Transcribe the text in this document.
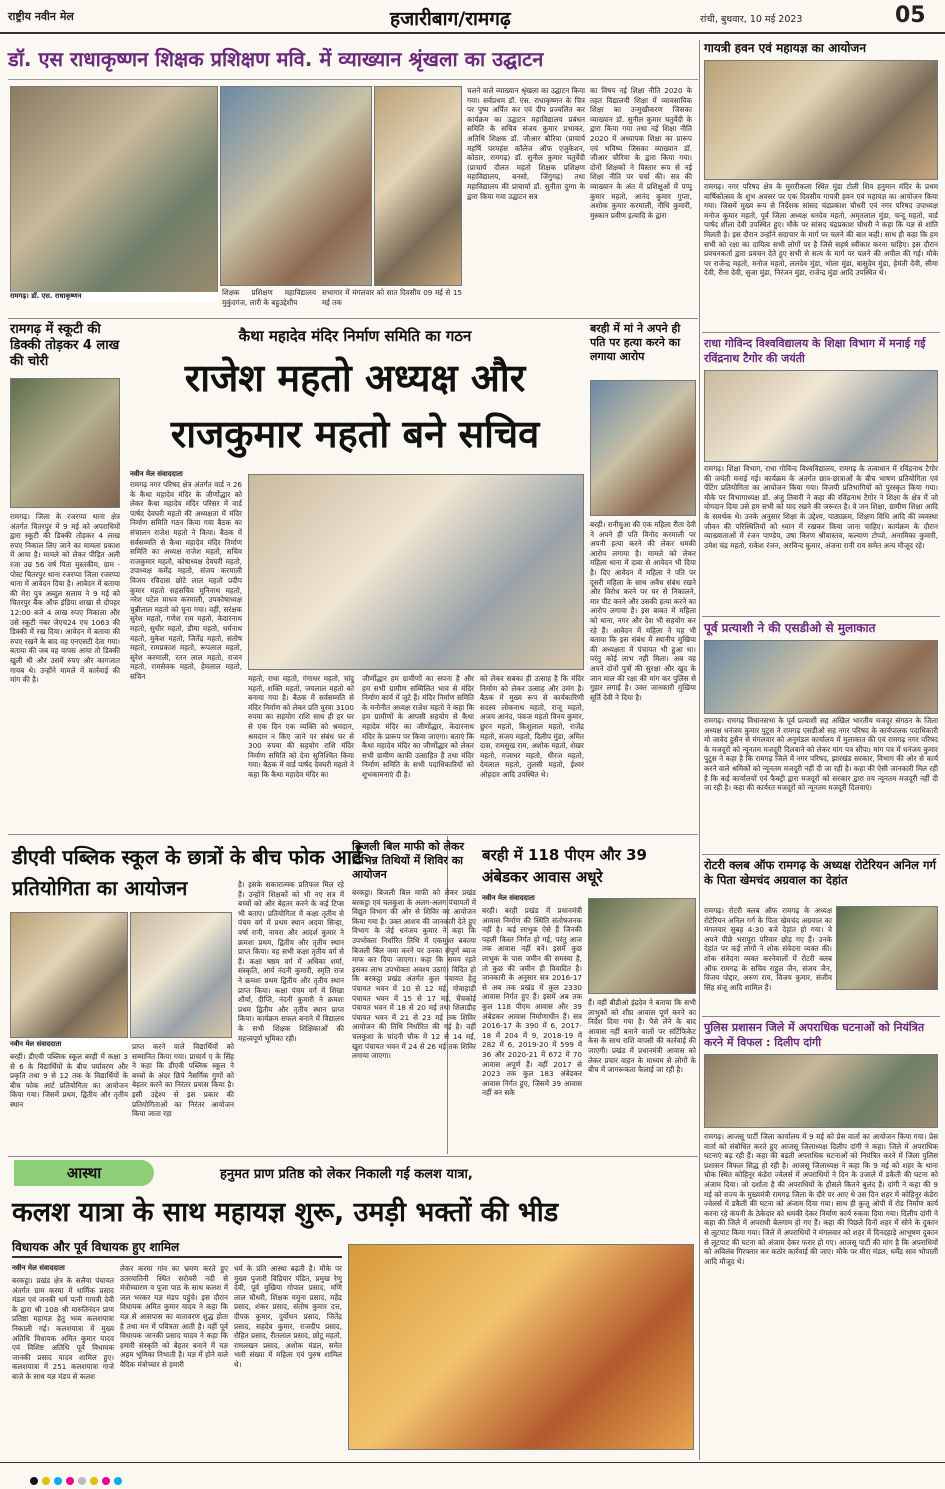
राष्ट्रीय नवीन मेल	हजारीबाग/रामगढ़	रांची, बुधवार, 10 मई 2023	05
डॉ. एस राधाकृष्णन शिक्षक प्रशिक्षण मवि. में व्याख्यान श्रृंखला का उद्घाटन
रामगढ़। डॉ. एस. राधाकृष्णन	शिक्षक प्रशिक्षण महाविद्यालय मुकुंदगंज, लारी के बहुउद्देशीय
सभागार में मंगलवार को सात दिवसीय 09 मई से 15 मई तक
चलने वाले व्याख्यान श्रृंखला का उद्घाटन किया गया। सर्वप्रथम डॉ. एस. राधाकृष्णन के चित्र पर पुष्प अर्पित कर एवं दीप प्रज्वलित कर कार्यक्रम का उद्घाटन महाविद्यालय प्रबंधन समिति के सचिव संजय कुमार प्रभाकर, अतिथि शिक्षक डॉ. जीआर बौरिया (प्राचार्य महर्षि परमहंस कॉलेज ऑफ एजुकेशन, कोठार, रामगढ़) डॉ. सुनील कुमार चतुर्वेदी (प्राचार्य दौलत महतो शिक्षक प्रशिक्षण महाविद्यालय, बनसो, जिंगुगढ़) तथा महाविद्यालय की प्राचार्या डॉ. सुनीता दुग्गा के द्वारा किया गया उद्घाटन सत्र
का विषय नई शिक्षा नीति 2020 के तहत विद्यालयी शिक्षा में व्यावसायिक शिक्षा का उन्मुखीकरण जिसका व्याख्यान डॉ. सुनील कुमार चतुर्वेदी के द्वारा किया गया तथा नई शिक्षा नीति 2020 में अध्यापक शिक्षा का प्रारूप एवं भविष्य जिसका व्याख्यान डॉ. जीआर चौरिया के द्वारा किया गया। दोनों शिक्षकों ने विस्तार रूप से नई शिक्षा नीति पर चर्चा की। सत्र की व्याख्यान के अंत में प्रशिक्षुओं में पप्पु कुमार महतो, आनंद कुमार गुप्ता, अशोक कुमार करमाली, नीधि कुमारी, मुस्कान प्रवीण इत्यादि के द्वारा
रामगढ़ में स्कूटी की डिक्की तोड़कर 4 लाख की चोरी
रामगढ़। जिला के रजरप्पा थाना क्षेत्र अंतर्गत चितरपुर में 9 मई को अपराधियों द्वारा स्कूटी की डिक्की तोड़कर 4 लाख रुपए निकाल लिए जाने का मामला प्रकाश में आया है। मामले को लेकर पीड़ित अली रजा उम्र 56 वर्ष पिता मुस्तकीम, ग्राम - पोस्ट चितरपुर थाना रजरप्पा जिला रजरप्पा थाना में आवेदन दिया है। आवेदन में बताया की मेरा पुत्र अब्दुल सलाम ने 9 मई को चितरपुर बैंक ऑफ इंडिया शाखा से दोपहर 12:00 बजे 4 लाख रुपए निकाला और उसे स्कूटी नंबर जेएच24 एच 1063 की डिक्की में रख दिया। आवेदन में बताया की रुपए रखने के बाद वह एनएसटी देता गया। बताया की जब वह वापस आया तो डिक्की खुली थी और उसमें रुपए और कागजात गायब थे। उन्होंने मामले में कार्रवाई की मांग की है।
कैथा महादेव मंदिर निर्माण समिति का गठन
राजेश महतो अध्यक्ष और राजकुमार महतो बने सचिव
नवीन मेल संवाददाता
रामगढ़ नगर परिषद क्षेत्र अंतर्गत वार्ड न 26 के कैथा महादेव मंदिर के जीर्णोद्धार को लेकर कैथा महादेव मंदिर परिसर में वार्ड पार्षद देवघरी महतो की अध्यक्षता में मंदिर निर्माण समिति गठन किया गया बैठक का संचालन राजेश महतो ने किया। बैठक में सर्वसम्मति से कैथा महादेव मंदिर निर्माण समिति का अध्यक्ष राजेश महतो, सचिव राजकुमार महतो, कोषाध्यक्ष देवघरी महतो, उपाध्यक्ष कमेंद्र महतो, संजय करमाली विजय रविदास छोटे लाल महतो प्रदीप कुमार महतो सहसचिव मुनिनाथ महतो, नरेश पटेल माधव करमाली, उपकोषाध्यक्ष चुन्नीलाल महतो को चुना गया। वहीं, सरंक्षक सुरेश महतो, गणेश राम महतो, केदारनाथ महतो, सुधीर महतो, डीमा महतो, धर्मनाथ महतो, मुकेश महतो, जितेंद्र महतो, संतोष महतो, रामप्रकाश महतो, रूपलाल महतो, सुरेश करमाली, रतन लाल महतो, राजन महतो, रामसेवक महतो, हेमलाल महतो, सचिन	महतो, राधा महतो, गंगाधर महतो, चांदु महतो, शक्ति महतो, जयलाल महतो को बनाया गया है। बैठक में सर्वसम्मति से मंदिर निर्माण को लेकर प्रति घुरवा 3100 रुपया का सहयोग राशि साथ ही हर घर से एक दिन एक व्यक्ति को श्रमदान, श्रमदान न किए जाने पर संबंध घर से 300 रुपया की सहयोग राशि मंदिर निर्माण समिति को देना सुनिश्चित किया गया। बैठक में वार्ड पार्षद देवघरी महतो ने कहा कि कैथा महादेव मंदिर का
जीर्णोद्धार हम ग्रामीणों का सपना है और हम सभी ग्रामीण सम्मिलित भाव से मंदिर निर्माण कार्य में जुटे हैं। मंदिर निर्माण समिति के मनोनीत अध्यक्ष राजेश महतो ने कहा कि हम ग्रामीणों के आपसी सहयोग से कैथा महादेव मंदिर का जीर्णोद्धार, केदारनाथ मंदिर के प्रारूप पर किया जाएगा। बताएं कि कैथा महादेव मंदिर का जीर्णोद्धार को लेकर सभी ग्रामीण काफी उत्साहित हैं तथा मंदिर निर्माण समिति के सभी पदाधिकारियों को शुभकामनाएं दी है।
को लेकर सबका ही उत्साह है कि मंदिर निर्माण को लेकर उत्साह और उमंग है। बैठक में मुख्य रूप से कार्यकारिणी सदस्य लोकनाथ महतो, राजू महतो, अजय आनंद, पंकज महतो विनय कुमार, छुरन महतो, किशुलाल महतो, राजेंद्र महतो, संजय महतो, दिलीप मुंडा, अमित दास, रामसुख राम, अशोक महतो, शेखर महतो, गजाधर महतो, धीरज महतो, देवलाल महतो, तुलसी महतो, ईश्वर ओहदार आदि उपस्थित थे।
बरही में मां ने अपने ही पति पर हत्या करने का लगाया आरोप
बरही। रानीचुआ की एक महिला रीता देवी ने अपने ही पति विनोद करमाली पर अपनी हत्या करने की लेकर धमकी आरोप लगाया है। मामले को लेकर महिला थाना में दावा से आवेदन भी दिया है। दिए आवेदन में महिला ने पति पर दूसरी महिला के साथ अवैध संबंध रखने और विरोध करने पर घर से निकालने, मार पीट करने और उसकी हत्या करने का आरोप लगाया है। इस बाबत में महिला को थाना, नगर और देश भी सहयोग कर रहे हैं। आवेदन में महिला ने यह भी बताया कि इस संबंध में स्थानीय मुखिया की अध्यक्षता में पंचायत भी हुआ था। परंतु कोई लाभ नहीं मिला। अब वह अपने दोनों पुत्रों की सुरक्षा और खुद के जान माल की रक्षा की मांग कर पुलिस से गुहार लगाई है। उक्त जानकारी मुखिया सूर्ति देवी ने दिया है।
डीएवी पब्लिक स्कूल के छात्रों के बीच फोक आर्ट प्रतियोगिता का आयोजन
नवीन मेल संवाददाता
बरही। डीएवी पब्लिक स्कूल बरही में कक्षा 3 से 6 के विद्यार्थियों के बीच पर्यावरण और प्रकृति तथा 9 से 12 तक के विद्यार्थियों के बीच फोक आर्ट प्रतियोगिता का आयोजन किया गया। जिसमें प्रथम, द्वितीय और तृतीय स्थान
प्राप्त करने वाले विद्यार्थियों को सम्मानित किया गया। प्राचार्य ए के सिंह ने कहा कि डीएवी पब्लिक स्कूल ने बच्चों के अंदर छिपे नैसर्गिक गुणों को बेहतर करने का निरंतर प्रयास किया है। इसी उद्देश्य से इस प्रकार की प्रतियोगिताओं का निरंतर आयोजन किया जाता रहा
है। इसके सकारात्मक प्रतिफल मिल रहे हैं। उन्होंने शिक्षकों को भी नए सत्र में बच्चों को और बेहतर करने के कई टिप्स भी बताए। प्रतियोगिता में कक्षा तृतीय से पंचम वर्ग में प्रथम स्थान अदया सिन्हा, वर्षा रानी, नायरा और आदर्श कुमार ने क्रमशः प्रथम, द्वितीय और तृतीय स्थान प्राप्त किया। वह सभी कक्षा तृतीय वर्ग से हैं। कक्षा षष्ठम वर्ग में अधिका शर्मा, संस्कृति, आर्य नंदनी कुमारी, स्मृति राज ने क्रमशः प्रथम द्वितीय और तृतीय स्थान प्राप्त किया। कक्षा पंचम वर्ग में शिखा शौर्या, दीप्ति, नंदनी कुमारी ने क्रमशः प्रथम द्वितीय और तृतीय स्थान प्राप्त किया। कार्यक्रम सफल बनाने में विद्यालय के सभी शिक्षक शिक्षिकाओं की महत्त्वपूर्ण भूमिका रही।
बिजली बिल माफी को लेकर विभिन्न तिथियों में शिविर का आयोजन
बरकट्ठा। बिजली बिल माफी को लेकर प्रखंड बरकट्ठा एवं चलकुशा के अलग-अलग पंचायतों में विद्युत विभाग की ओर से शिविर का आयोजन किया गया है। उक्त आशय की जानकारी देते हुए विभाग के जेई धनंजय कुमार ने कहा कि उपभोक्ता निर्धारित तिथि में एकमुश्त बकाया बिजली बिल जमा करने पर उनका संपूर्ण ब्याज माफ कर दिया जाएगा। कहा कि समय रहते इसका लाभ उपभोक्ता अवश्य उठाएं। विदित हो कि बरकट्ठा प्रखंड अंतर्गत कुल पंचायत हेतु पंचायत भवन में 10 से 12 मई, गोवाहाड़ी पंचायत भवन में 15 से 17 मई, चेंचकोई पंचायत भवन में 18 से 20 मई तथा शिलाडीह पंचायत भवन में 21 से 23 मई तक शिविर आयोजन की तिथि निर्धारित की गई है। वहीं चलकुशा के चांदनी चौक में 12 से 14 मई, खुरा पंचायत भवन में 24 से 26 मई तक शिविर लगाया जाएगा।
बरही में 118 पीएम और 39 अंबेडकर आवास अधूरे
नवीन मेल संवाददाता
बरही। बरही प्रखंड में प्रधानमंत्री आवास निर्माण की स्थिति संतोषजनक नहीं है। कई लाभुक ऐसे हैं जिनकी पहली किस्त निर्गत हो गई, परंतु आज तक आवास नहीं बने। इसमें कुछ लाभुक के पास जमीन की समस्या है, तो कुछ की जमीन ही विवादित है। जानकारी के अनुसार सत्र 2016-17 से अब तक प्रखंड में कुल 2330 आवास निर्गत हुए हैं। इसमें अब तक कुल 118 पीएम आवास और 39 अंबेडकर आवास निर्माणाधीन हैं। सत्र 2016-17 के 390 में 6, 2017-18 में 204 में 9, 2018-19 में 282 में 6, 2019-20 में 599 में 36 और 2020-21 में 672 में 70 आवास अपूर्ण हैं। वहीं 2017 से 2023 तक कुल 183 अंबेडकर आवास निर्गत हुए, जिसमें 39 आवास नहीं बन सके
हैं। वहीं बीडीओ इंद्रदेव ने बताया कि सभी लाभुकों को शीघ्र आवास पूर्ण करने का निर्देश दिया गया है। पैसे लेने के बाद आवास नहीं बनाने वालों पर सर्टिफिकेट केस के साथ राशि वापसी की कार्रवाई की जाएगी। प्रखंड में प्रधानमंत्री आवास को लेकर प्रचार वाहन के माध्यम से लोगों के बीच में जागरूकता फैलाई जा रही है।
आस्था	हनुमत प्राण प्रतिष्ठ को लेकर निकाली गई कलश यात्रा,
कलश यात्रा के साथ महायज्ञ शुरू, उमड़ी भक्तों की भीड
विधायक और पूर्व विधायक हुए शामिल
नवीन मेल संवाददाता
बरकट्ठा। प्रखंड क्षेत्र के सलैया पंचायत अंतर्गत ग्राम करमा में धार्मिक प्रसाद मंडल एवं जनकी धर्म पत्नी गायत्री देवी के द्वारा श्री 108 श्री मारुतिनंदन प्राण प्रतिष्ठा महायज्ञ हेतु भव्य कलशयात्रा निकाली गई। कलशयात्रा में मुख्य अतिथि विधायक अमित कुमार यादव एवं विशिष्ट अतिथि पूर्व विधायक जानकी प्रसाद यादव शामिल हुए। कलशयात्रा में 251 कलशयात्रा गाजे बाजे के साथ यज्ञ मंडप से कलश
लेकर करमा गांव का भ्रमण करते हुए उतरवातिनी स्थित सरोवरी नदी से मंत्रोच्चारण व पूजा पाठ के साथ कलश में जल भरकर यज्ञ मंडप पहुंचे। इस दौरान विधायक अमित कुमार यादव ने कहा कि यज्ञ से आसपास का वातावरण शुद्ध होता है तथा मन में पवित्रता आती है। वहीं पूर्व विधायक जानकी प्रसाद यादव ने कहा कि हमारी संस्कृति को बेहतर बनाने में यज्ञ अहम भूमिका निभाती है। यज्ञ में होने वाले वैदिक मंत्रोच्चार से हमारी
धर्म के प्रति आस्था बढ़ती है। मौके पर मुख्य पुजारी विद्रियार पंडित, प्रमुख रेणु देवी, पूर्व मुखिया गोपाल प्रसाद, मणि लाल चौधरी, शिक्षक यमुना प्रसाद, महेंद्र प्रसाद, शंकर प्रसाद, संतोष कुमार दत्त, दीपक कुमार, दुर्योधन प्रसाद, जितेंद्र प्रसाद, सहदेव कुमार, राजदीप प्रसाद, रोहित प्रसाद, रीतलाल प्रसाद, छोटू महतो, रामलखन प्रसाद, अशोक मंडल, समेत भारी संख्या में महिला एवं पुरुष शामिल थे।
गायत्री हवन एवं महायज्ञ का आयोजन
रामगढ़। नगर परिषद क्षेत्र के मुरारीकला स्थित मुंडा टोली शिव हनुमान मंदिर के प्रथम वार्षिकोत्सव के शुभ अवसर पर एक दिवसीय गायत्री हवन एवं महायज्ञ का आयोजन किया गया। जिसमें मुख्य रूप से निर्देशक सांसद चंद्रप्रकाश चौधरी एवं नगर परिषद उपाध्यक्ष मनोज कुमार महतो, पूर्व जिला अध्यक्ष धनदेव महतो, अमृतलाल मुंडा, चन्दू महतो, वार्ड पार्षद शीला देवी उपस्थित हुए। मौके पर सांसद चंद्रप्रकाश चौधरी ने कहा कि यज्ञ से शांति मिलती है। इस दौरान उन्होंने सदाचार के मार्ग पर चलने की बात कही। साथ ही कहा कि हम सभी को रक्षा का दायित्व सभी लोगों पर है जिसे सहर्ष स्वीकार करना चाहिए। इस दौरान प्रवचनकर्ता द्वारा प्रवचन देते हुए सभी से सत्य के मार्ग पर चलने की अपील की गई। मौके पर राजेन्द्र महतो, मनोज महतो, ललदेव मुंडा, भोला मुंडा, बासुदेव मुंडा, हेमंती देवी, सीमा देवी, रीना देवी, सुजा मुंडा, निरंजन मुंडा, राजेन्द्र मुंडा आदि उपस्थित थे।
राधा गोविन्द विश्वविद्यालय के शिक्षा विभाग में मनाई गई रविंद्रनाथ टैगोर की जयंती
रामगढ़। शिक्षा विभाग, राधा गोविन्द विश्वविद्यालय, रामगढ़ के तत्वाधान में रविंद्रनाथ टैगोर की जयंती मनाई गई। कार्यक्रम के अंतर्गत छात्र-छात्राओं के बीच भाषण प्रतियोगिता एवं पेंटिंग प्रतियोगिता का आयोजन किया गया। विजयी प्रतिभागियों को पुरस्कृत किया गया। मौके पर विभागाध्यक्ष डॉ. अंजु तिवारी ने कहा की रविंद्रनाथ टैगोर ने शिक्षा के क्षेत्र में जो योगदान दिया उसे हम सभी को याद रखने की जरूरत है। वे जन शिक्षा, ग्रामीण शिक्षा आदि के समर्थक थे। उनके अनुसार शिक्षा के उद्देश्य, पाठ्यक्रम, शिक्षण विधि आदि की व्यवस्था जीवन की परिस्थितियों को ध्यान में रखकर किया जाना चाहिए। कार्यक्रम के दौरान व्याख्याताओं में रंजन पाण्डेय, उषा किरण श्रीवास्तव, कल्याण टोप्पो, अनामिका कुमारी, उमेश चंद्र महतो, राकेश रंजन, अरविन्द कुमार, अंजना रानी राय समेत अन्य मौजूद रहे।
पूर्व प्रत्याशी ने की एसडीओ से मुलाकात
रामगढ़। रामगढ़ विधानसभा के पूर्व प्रत्याशी सह अखिल भारतीय मजदूर संगठन के जिला अध्यक्ष धनंजय कुमार पुटूस ने रामगढ़ एसडीओ सह नगर परिषद के कार्यपालक पदाधिकारी मो जावेद हुसैन से मंगलवार को अनुमंडल कार्यालय में मुलाकात की एवं रामगढ़ नगर परिषद के मजदूरों को न्यूनतम मजदूरी दिलवाने को लेकर मांग पत्र सौंपा। मांग पत्र में धनंजय कुमार पुटूस ने कहा है कि रामगढ़ जिले में नगर परिषद, झारखंड सरकार, विभाग की ओर से कार्य करने वाले श्रमिकों को न्यूनतम मजदूरी नहीं दी जा रही है। कहा की ऐसी जानकारी मिल रही है कि कई कार्यालयों एवं फैक्ट्री द्वारा मजदूरों को सरकार द्वारा तय न्यूनतम मजदूरी नहीं दी जा रही है। कहा की कार्यरत मजदूरों को न्यूनतम मजदूरी दिलवाएं।
रोटरी क्लब ऑफ रामगढ़ के अध्यक्ष रोटेरियन अनिल गर्ग के पिता खेमचंद अग्रवाल का देहांत
रामगढ़। रोटरी क्लब ऑफ रामगढ़ के अध्यक्ष रोटेरियन अनिल गर्ग के पिता खेमचंद अग्रवाल का मंगलवार सुबह 4:30 बजे देहांत हो गया। वे अपने पीछे भरापूरा परिवार छोड़ गए हैं। उनके देहांत पर कई लोगों ने शोक संवेदना व्यक्त की। शोक संवेदना व्यक्त करनेवालों में रोटरी क्लब ऑफ रामगढ़ के सचिव राहुल जैन, संजय जैन, विजय पोद्दार, अरुण राय, विजय कुमार, संजीव सिंह संजू आदि शामिल हैं।
पुलिस प्रशासन जिले में अपराधिक घटनाओं को नियंत्रित करने में विफल : दिलीप दांगी
रामगढ़। आजसू पार्टी जिला कार्यालय में 9 मई को प्रेस वार्ता का आयोजन किया गया। प्रेस वार्ता को संबोधित करते हुए आजसू जिलाध्यक्ष दिलीप दांगी ने कहा। जिले में अपराधिक घटनाएं बढ़ रही हैं। कहा की बढ़ती अपराधिक घटनाओं को नियंत्रित करने में जिला पुलिस प्रशासन विफल सिद्ध हो रही है। आजसू जिलाध्यक्ष ने कहा कि 9 मई को शहर के थाना चौक स्थित कोहिनूर कंडेरा ज्वेलर्स में अपराधियों ने दिन के उजाले में डकैती की घटना को अंजाम दिया। जो दर्शाता है की अपराधियों के हौसले कितने बुलंद हैं। दांगी ने कहा की 9 मई को राज्य के मुख्यमंत्री रामगढ़ जिला के दौरे पर आए थे उस दिन शहर में कोहिनूर कंडेरा ज्वेलर्स में डकैती की घटना को अंजाम दिया गया। साथ ही कुजू ओपी में रोड निर्माण कार्य करना रहे कंपनी के ठेकेदार को धमकी देकर निर्माण कार्य रुकवा दिया गया। दिलीप दांगी ने कहा की जिले में अपराधी बेलगाम हो गए हैं। कहा की पिछले दिनों शहर में सोने के दुकान से लूटपाट किया गया। जिले में अपराधियों ने मंगलवार को शहर में दिनदहाड़े आभूषण दुकान से लूटपाट की घटना को अंजाम देकर फरार हो गए। आजसू पार्टी की मांग है कि अपराधियों को अविलंब गिरफ्तार कर कठोर कार्रवाई की जाए। मौके पर मीरा मंडल, धर्मेंद्र साव भोपाली आदि मौजूद थे।
